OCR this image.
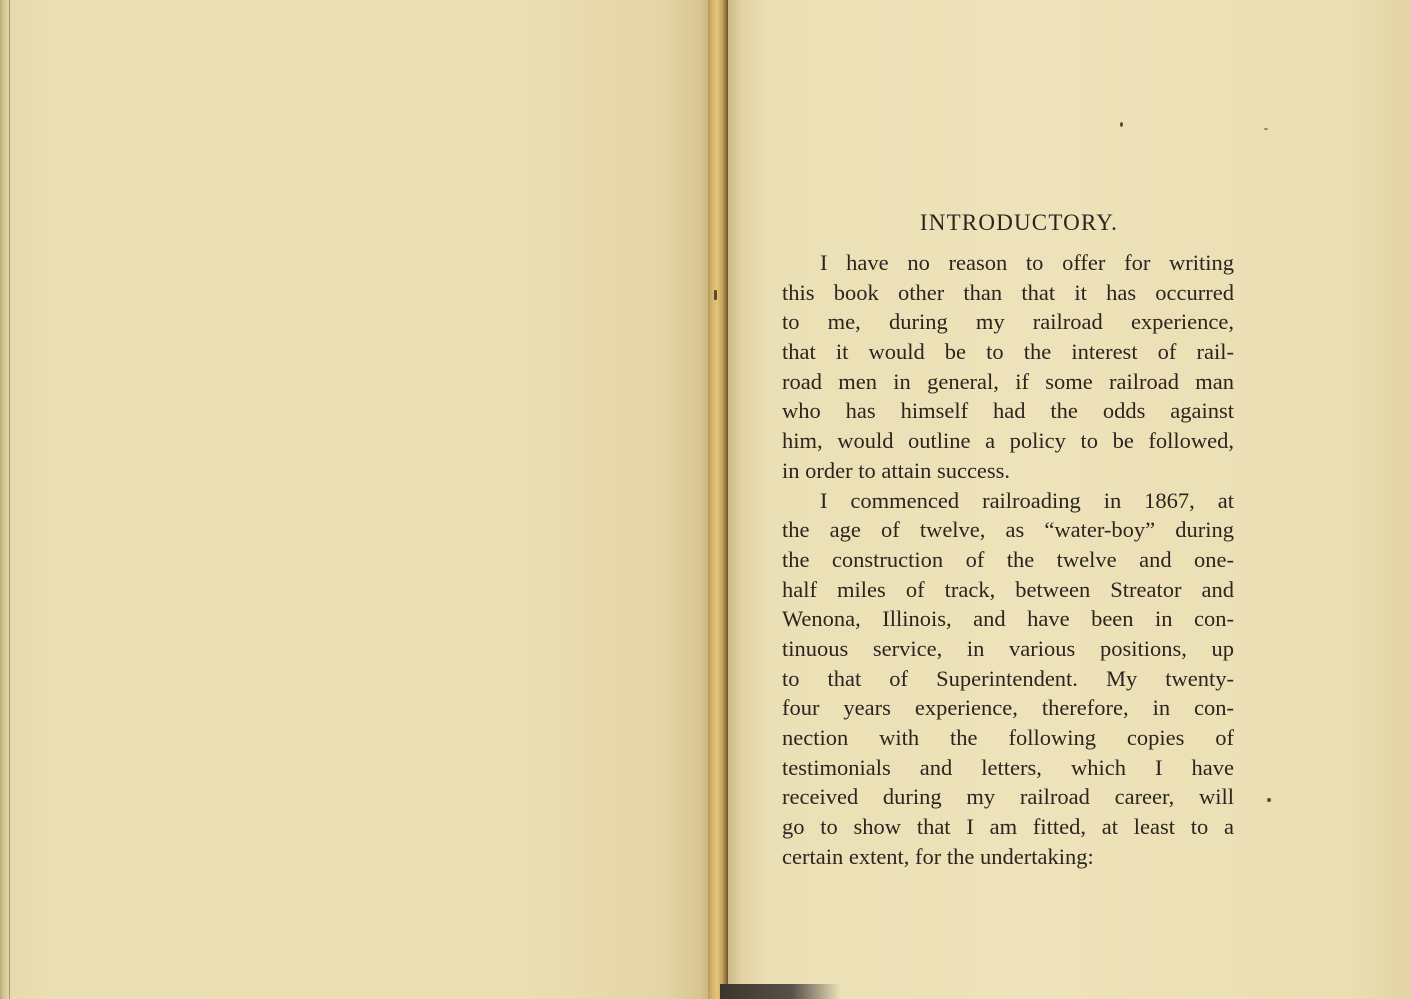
INTRODUCTORY.
I have no reason to offer for writing
this book other than that it has occurred
to me, during my railroad experience,
that it would be to the interest of rail-
road men in general, if some railroad man
who has himself had the odds against
him, would outline a policy to be followed,
in order to attain success.
I commenced railroading in 1867, at
the age of twelve, as “water-boy” during
the construction of the twelve and one-
half miles of track, between Streator and
Wenona, Illinois, and have been in con-
tinuous service, in various positions, up
to that of Superintendent. My twenty-
four years experience, therefore, in con-
nection with the following copies of
testimonials and letters, which I have
received during my railroad career, will
go to show that I am fitted, at least to a
certain extent, for the undertaking:
